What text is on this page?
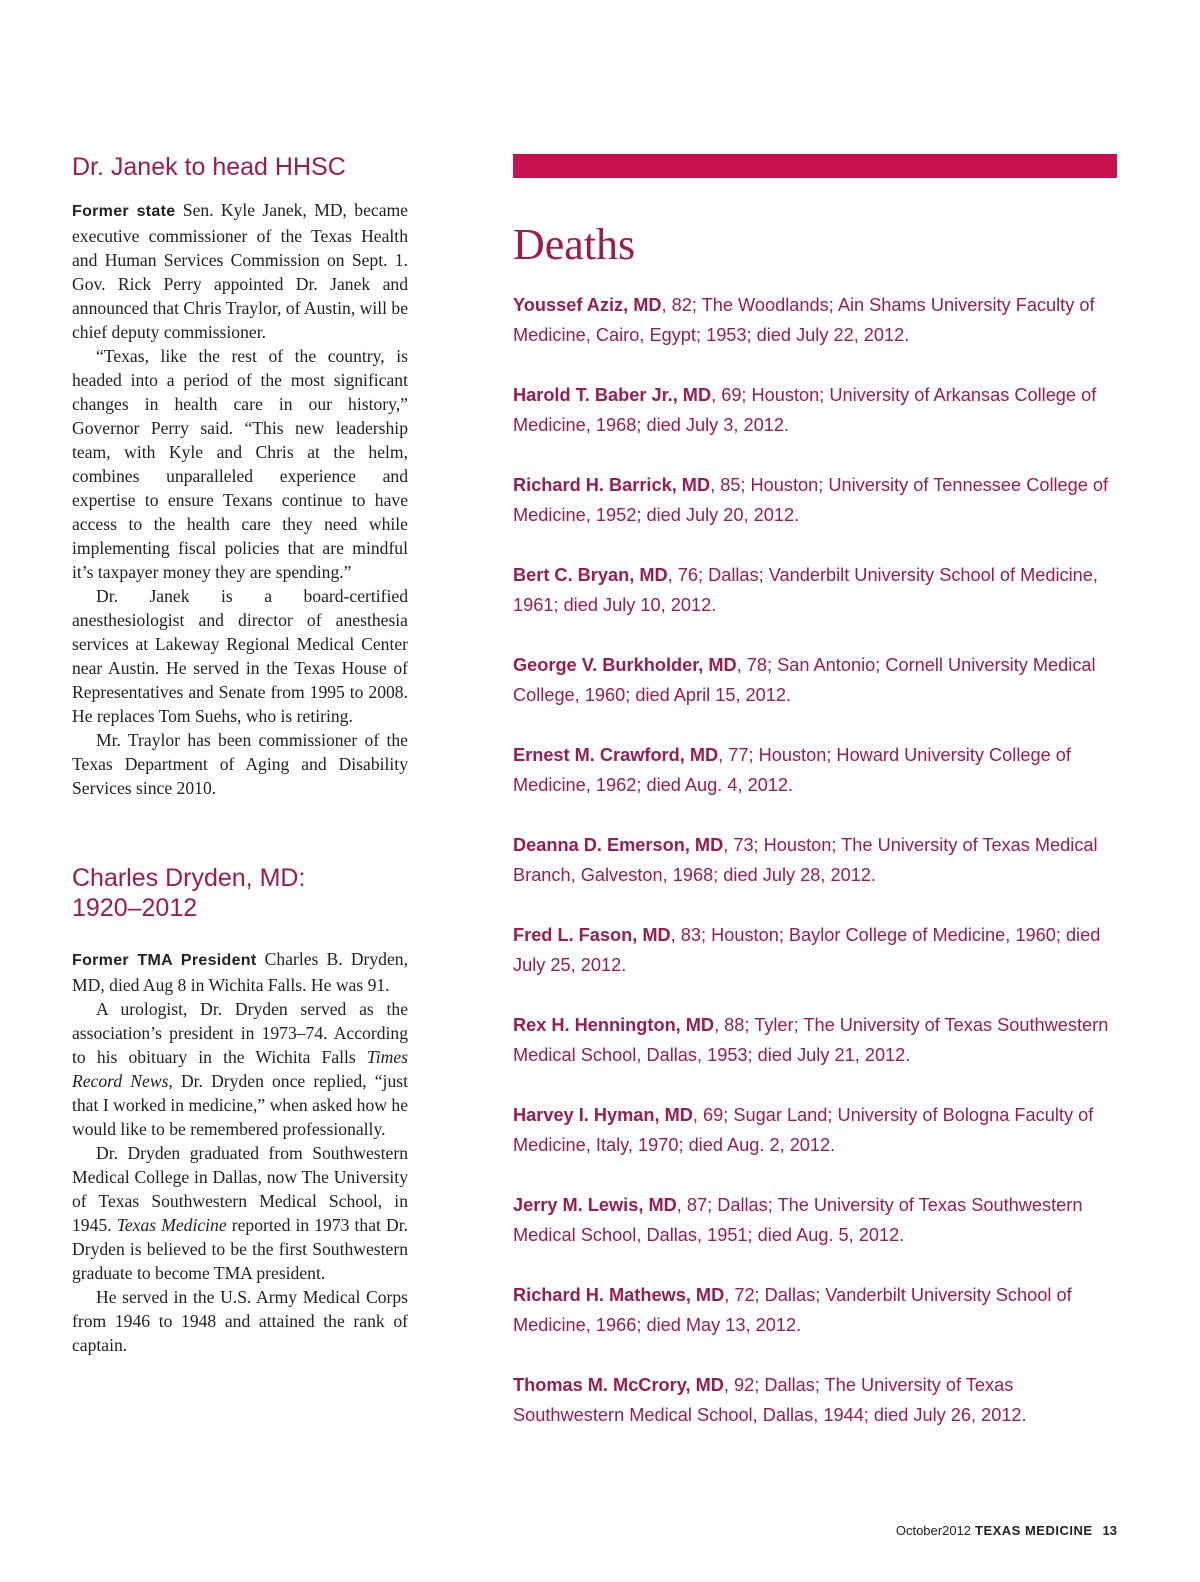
Dr. Janek to head HHSC

Former state Sen. Kyle Janek, MD, became executive commissioner of the Texas Health and Human Services Commission on Sept. 1. Gov. Rick Perry appointed Dr. Janek and announced that Chris Traylor, of Austin, will be chief deputy commissioner.

“Texas, like the rest of the country, is headed into a period of the most significant changes in health care in our history,” Governor Perry said. “This new leadership team, with Kyle and Chris at the helm, combines unparalleled experience and expertise to ensure Texans continue to have access to the health care they need while implementing fiscal policies that are mindful it’s taxpayer money they are spending.”

Dr. Janek is a board-certified anesthesiologist and director of anesthesia services at Lakeway Regional Medical Center near Austin. He served in the Texas House of Representatives and Senate from 1995 to 2008. He replaces Tom Suehs, who is retiring.

Mr. Traylor has been commissioner of the Texas Department of Aging and Disability Services since 2010.

Charles Dryden, MD:
1920–2012

Former TMA President Charles B. Dryden, MD, died Aug 8 in Wichita Falls. He was 91.

A urologist, Dr. Dryden served as the association’s president in 1973–74. According to his obituary in the Wichita Falls Times Record News, Dr. Dryden once replied, “just that I worked in medicine,” when asked how he would like to be remembered professionally.

Dr. Dryden graduated from Southwestern Medical College in Dallas, now The University of Texas Southwestern Medical School, in 1945. Texas Medicine reported in 1973 that Dr. Dryden is believed to be the first Southwestern graduate to become TMA president.

He served in the U.S. Army Medical Corps from 1946 to 1948 and attained the rank of captain.

Deaths

Youssef Aziz, MD, 82; The Woodlands; Ain Shams University Faculty of Medicine, Cairo, Egypt; 1953; died July 22, 2012.

Harold T. Baber Jr., MD, 69; Houston; University of Arkansas College of Medicine, 1968; died July 3, 2012.

Richard H. Barrick, MD, 85; Houston; University of Tennessee College of Medicine, 1952; died July 20, 2012.

Bert C. Bryan, MD, 76; Dallas; Vanderbilt University School of Medicine, 1961; died July 10, 2012.

George V. Burkholder, MD, 78; San Antonio; Cornell University Medical College, 1960; died April 15, 2012.

Ernest M. Crawford, MD, 77; Houston; Howard University College of Medicine, 1962; died Aug. 4, 2012.

Deanna D. Emerson, MD, 73; Houston; The University of Texas Medical Branch, Galveston, 1968; died July 28, 2012.

Fred L. Fason, MD, 83; Houston; Baylor College of Medicine, 1960; died July 25, 2012.

Rex H. Hennington, MD, 88; Tyler; The University of Texas Southwestern Medical School, Dallas, 1953; died July 21, 2012.

Harvey I. Hyman, MD, 69; Sugar Land; University of Bologna Faculty of Medicine, Italy, 1970; died Aug. 2, 2012.

Jerry M. Lewis, MD, 87; Dallas; The University of Texas Southwestern Medical School, Dallas, 1951; died Aug. 5, 2012.

Richard H. Mathews, MD, 72; Dallas; Vanderbilt University School of Medicine, 1966; died May 13, 2012.

Thomas M. McCrory, MD, 92; Dallas; The University of Texas Southwestern Medical School, Dallas, 1944; died July 26, 2012.

October2012 TEXAS MEDICINE 13
